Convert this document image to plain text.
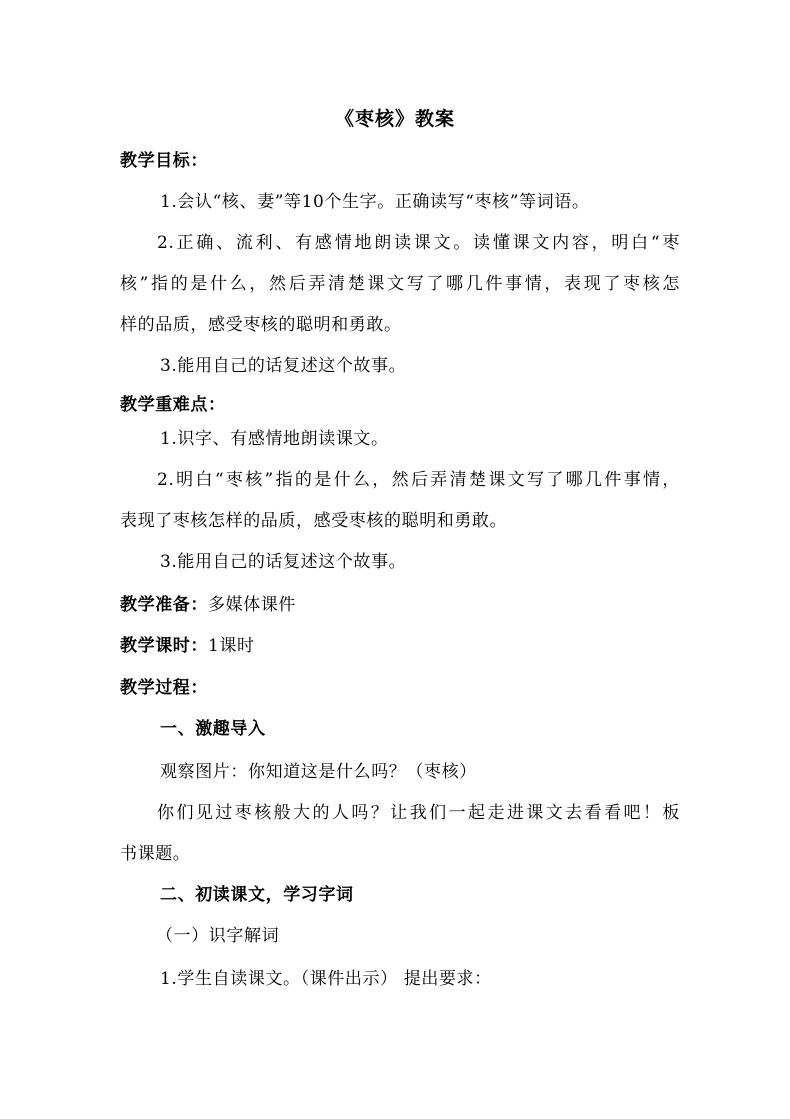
《枣核》教案
教学目标：
1.会认“核、妻”等10个生字。正确读写“枣核”等词语。
2.正确、流利、有感情地朗读课文。读懂课文内容，明白“枣
核”指的是什么，然后弄清楚课文写了哪几件事情，表现了枣核怎
样的品质，感受枣核的聪明和勇敢。
3.能用自己的话复述这个故事。
教学重难点：
1.识字、有感情地朗读课文。
2.明白“枣核”指的是什么，然后弄清楚课文写了哪几件事情，
表现了枣核怎样的品质，感受枣核的聪明和勇敢。
3.能用自己的话复述这个故事。
教学准备：多媒体课件
教学课时：1课时
教学过程：
一、激趣导入
观察图片：你知道这是什么吗？（枣核）
你们见过枣核般大的人吗？让我们一起走进课文去看看吧！板
书课题。
二、初读课文，学习字词
（一）识字解词
1.学生自读课文。（课件出示） 提出要求：
